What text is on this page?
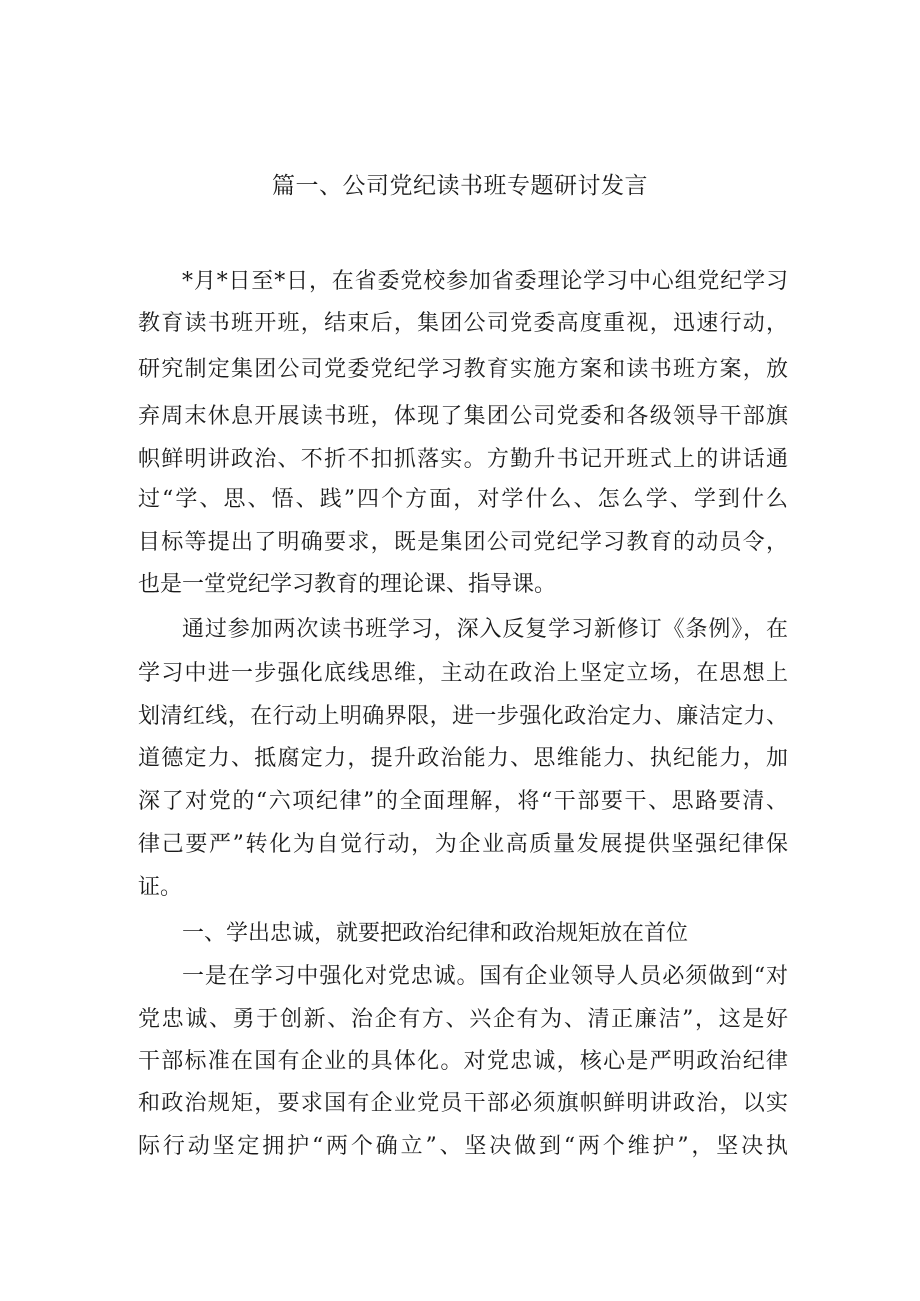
篇一、公司党纪读书班专题研讨发言

*月*日至*日，在省委党校参加省委理论学习中心组党纪学习

教育读书班开班，结束后，集团公司党委高度重视，迅速行动，

研究制定集团公司党委党纪学习教育实施方案和读书班方案，放

弃周末休息开展读书班，体现了集团公司党委和各级领导干部旗

帜鲜明讲政治、不折不扣抓落实。方勤升书记开班式上的讲话通

过“学、思、悟、践”四个方面，对学什么、怎么学、学到什么

目标等提出了明确要求，既是集团公司党纪学习教育的动员令，

也是一堂党纪学习教育的理论课、指导课。

通过参加两次读书班学习，深入反复学习新修订《条例》，在

学习中进一步强化底线思维，主动在政治上坚定立场，在思想上

划清红线，在行动上明确界限，进一步强化政治定力、廉洁定力、

道德定力、抵腐定力，提升政治能力、思维能力、执纪能力，加

深了对党的“六项纪律”的全面理解，将“干部要干、思路要清、

律己要严”转化为自觉行动，为企业高质量发展提供坚强纪律保

证。

一、学出忠诚，就要把政治纪律和政治规矩放在首位

一是在学习中强化对党忠诚。国有企业领导人员必须做到“对

党忠诚、勇于创新、治企有方、兴企有为、清正廉洁”，这是好

干部标准在国有企业的具体化。对党忠诚，核心是严明政治纪律

和政治规矩，要求国有企业党员干部必须旗帜鲜明讲政治，以实

际行动坚定拥护“两个确立”、坚决做到“两个维护”，坚决执
